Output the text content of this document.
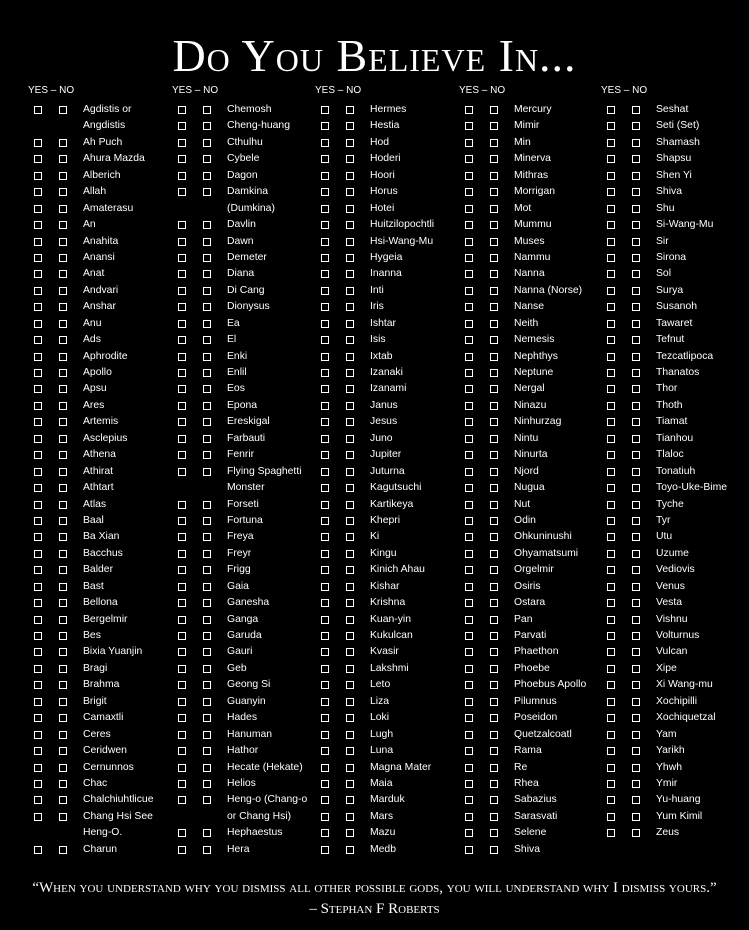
Do You Believe In...
YES – NO
Agdistis or
Angdistis
Ah Puch
Ahura Mazda
Alberich
Allah
Amaterasu
An
Anahita
Anansi
Anat
Andvari
Anshar
Anu
Ads
Aphrodite
Apollo
Apsu
Ares
Artemis
Asclepius
Athena
Athirat
Athtart
Atlas
Baal
Ba Xian
Bacchus
Balder
Bast
Bellona
Bergelmir
Bes
Bixia Yuanjin
Bragi
Brahma
Brigit
Camaxtli
Ceres
Ceridwen
Cernunnos
Chac
Chalchiuhtlicue
Chang Hsi See
Heng-O.
Charun
YES – NO
Chemosh
Cheng-huang
Cthulhu
Cybele
Dagon
Damkina
(Dumkina)
Davlin
Dawn
Demeter
Diana
Di Cang
Dionysus
Ea
El
Enki
Enlil
Eos
Epona
Ereskigal
Farbauti
Fenrir
Flying Spaghetti
Monster
Forseti
Fortuna
Freya
Freyr
Frigg
Gaia
Ganesha
Ganga
Garuda
Gauri
Geb
Geong Si
Guanyin
Hades
Hanuman
Hathor
Hecate (Hekate)
Helios
Heng-o (Chang-o
or Chang Hsi)
Hephaestus
Hera
YES – NO
Hermes
Hestia
Hod
Hoderi
Hoori
Horus
Hotei
Huitzilopochtli
Hsi-Wang-Mu
Hygeia
Inanna
Inti
Iris
Ishtar
Isis
Ixtab
Izanaki
Izanami
Janus
Jesus
Juno
Jupiter
Juturna
Kagutsuchi
Kartikeya
Khepri
Ki
Kingu
Kinich Ahau
Kishar
Krishna
Kuan-yin
Kukulcan
Kvasir
Lakshmi
Leto
Liza
Loki
Lugh
Luna
Magna Mater
Maia
Marduk
Mars
Mazu
Medb
YES – NO
Mercury
Mimir
Min
Minerva
Mithras
Morrigan
Mot
Mummu
Muses
Nammu
Nanna
Nanna (Norse)
Nanse
Neith
Nemesis
Nephthys
Neptune
Nergal
Ninazu
Ninhurzag
Nintu
Ninurta
Njord
Nugua
Nut
Odin
Ohkuninushi
Ohyamatsumi
Orgelmir
Osiris
Ostara
Pan
Parvati
Phaethon
Phoebe
Phoebus Apollo
Pilumnus
Poseidon
Quetzalcoatl
Rama
Re
Rhea
Sabazius
Sarasvati
Selene
Shiva
YES – NO
Seshat
Seti (Set)
Shamash
Shapsu
Shen Yi
Shiva
Shu
Si-Wang-Mu
Sir
Sirona
Sol
Surya
Susanoh
Tawaret
Tefnut
Tezcatlipoca
Thanatos
Thor
Thoth
Tiamat
Tianhou
Tlaloc
Tonatiuh
Toyo-Uke-Bime
Tyche
Tyr
Utu
Uzume
Vediovis
Venus
Vesta
Vishnu
Volturnus
Vulcan
Xipe
Xi Wang-mu
Xochipilli
Xochiquetzal
Yam
Yarikh
Yhwh
Ymir
Yu-huang
Yum Kimil
Zeus
“When you understand why you dismiss all other possible gods, you will understand why I dismiss yours.”
– Stephan F Roberts
